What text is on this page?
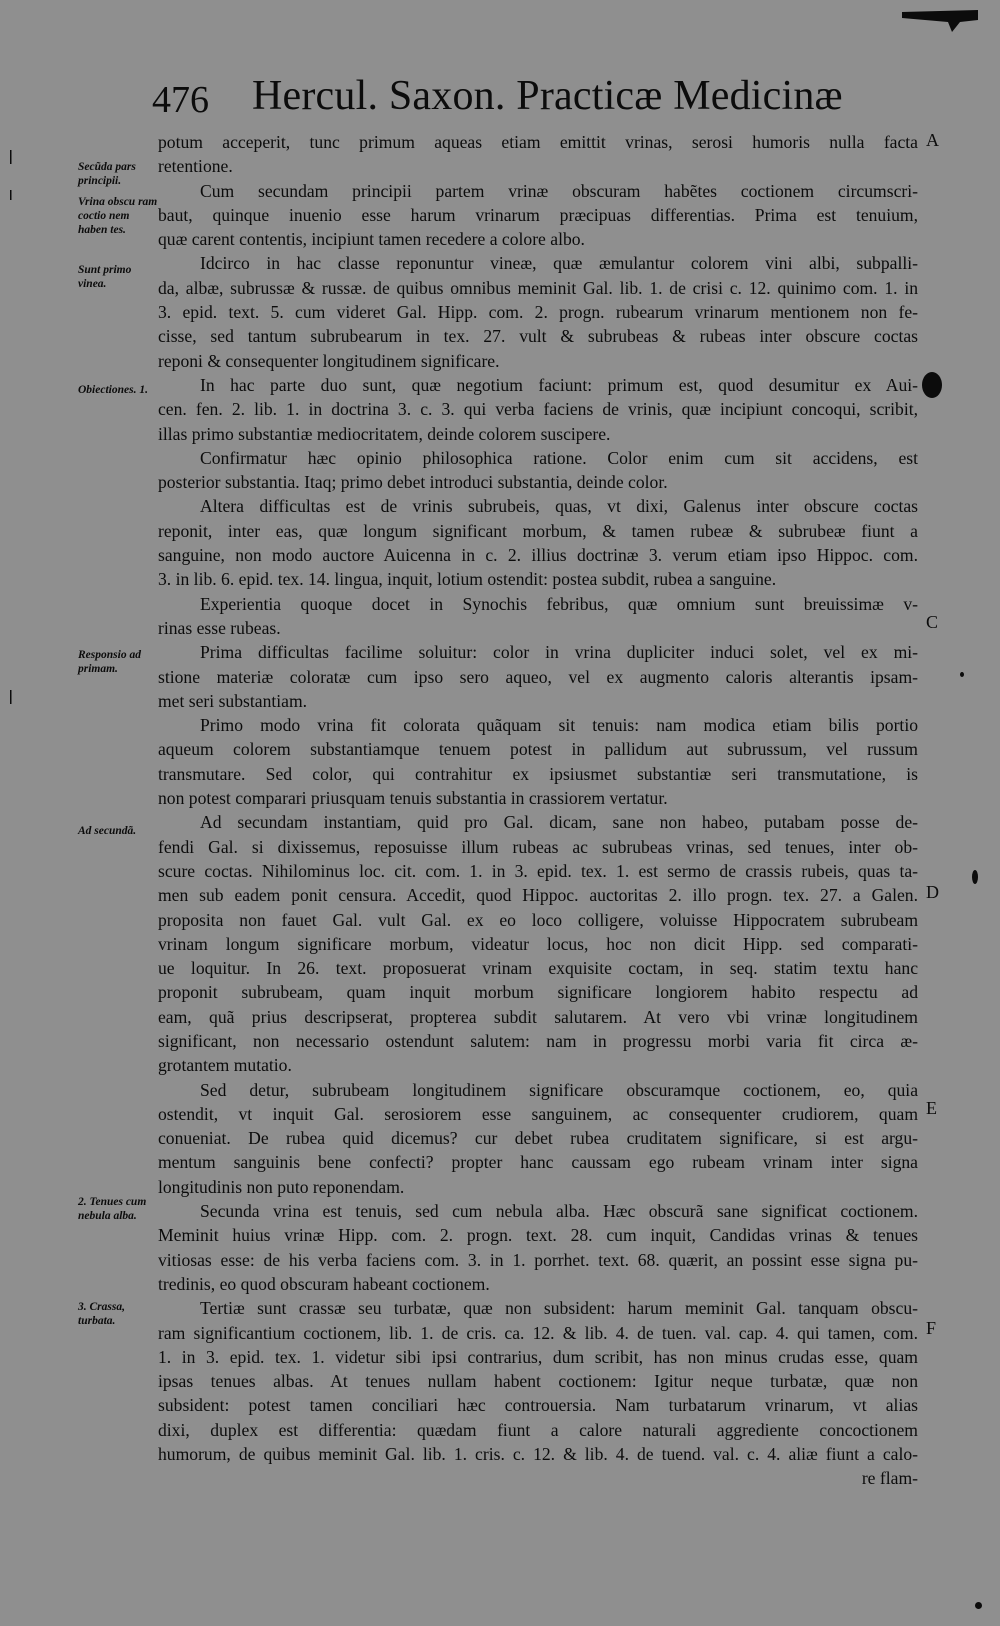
476 Hercul. Saxon. Practicæ Medicinæ
Secũda pars principii.
Vrina obscu ram coctio nem haben tes.
Sunt primo vinea.
Obiectiones. 1.
Responsio ad primam.
Ad secundã.
2. Tenues cum nebula alba.
3. Crassa, turbata.
A
C
D
E
F
potum acceperit, tunc primum aqueas etiam emittit vrinas, serosi humoris nulla facta
retentione.
Cum secundam principii partem vrinæ obscuram habẽtes coctionem circumscri-
baut, quinque inuenio esse harum vrinarum præcipuas differentias. Prima est tenuium,
quæ carent contentis, incipiunt tamen recedere a colore albo.
Idcirco in hac classe reponuntur vineæ, quæ æmulantur colorem vini albi, subpalli-
da, albæ, subrussæ & russæ. de quibus omnibus meminit Gal. lib. 1. de crisi c. 12. quinimo com. 1. in
3. epid. text. 5. cum videret Gal. Hipp. com. 2. progn. rubearum vrinarum mentionem non fe-
cisse, sed tantum subrubearum in tex. 27. vult & subrubeas & rubeas inter obscure coctas
reponi & consequenter longitudinem significare.
In hac parte duo sunt, quæ negotium faciunt: primum est, quod desumitur ex Aui-
cen. fen. 2. lib. 1. in doctrina 3. c. 3. qui verba faciens de vrinis, quæ incipiunt concoqui, scribit,
illas primo substantiæ mediocritatem, deinde colorem suscipere.
Confirmatur hæc opinio philosophica ratione. Color enim cum sit accidens, est
posterior substantia. Itaq; primo debet introduci substantia, deinde color.
Altera difficultas est de vrinis subrubeis, quas, vt dixi, Galenus inter obscure coctas
reponit, inter eas, quæ longum significant morbum, & tamen rubeæ & subrubeæ fiunt a
sanguine, non modo auctore Auicenna in c. 2. illius doctrinæ 3. verum etiam ipso Hippoc. com.
3. in lib. 6. epid. tex. 14. lingua, inquit, lotium ostendit: postea subdit, rubea a sanguine.
Experientia quoque docet in Synochis febribus, quæ omnium sunt breuissimæ v-
rinas esse rubeas.
Prima difficultas facilime soluitur: color in vrina dupliciter induci solet, vel ex mi-
stione materiæ coloratæ cum ipso sero aqueo, vel ex augmento caloris alterantis ipsam-
met seri substantiam.
Primo modo vrina fit colorata quãquam sit tenuis: nam modica etiam bilis portio
aqueum colorem substantiamque tenuem potest in pallidum aut subrussum, vel russum
transmutare. Sed color, qui contrahitur ex ipsiusmet substantiæ seri transmutatione, is
non potest comparari priusquam tenuis substantia in crassiorem vertatur.
Ad secundam instantiam, quid pro Gal. dicam, sane non habeo, putabam posse de-
fendi Gal. si dixissemus, reposuisse illum rubeas ac subrubeas vrinas, sed tenues, inter ob-
scure coctas. Nihilominus loc. cit. com. 1. in 3. epid. tex. 1. est sermo de crassis rubeis, quas ta-
men sub eadem ponit censura. Accedit, quod Hippoc. auctoritas 2. illo progn. tex. 27. a Galen.
proposita non fauet Gal. vult Gal. ex eo loco colligere, voluisse Hippocratem subrubeam
vrinam longum significare morbum, videatur locus, hoc non dicit Hipp. sed comparati-
ue loquitur. In 26. text. proposuerat vrinam exquisite coctam, in seq. statim textu hanc
proponit subrubeam, quam inquit morbum significare longiorem habito respectu ad
eam, quã prius descripserat, propterea subdit salutarem. At vero vbi vrinæ longitudinem
significant, non necessario ostendunt salutem: nam in progressu morbi varia fit circa æ-
grotantem mutatio.
Sed detur, subrubeam longitudinem significare obscuramque coctionem, eo, quia
ostendit, vt inquit Gal. serosiorem esse sanguinem, ac consequenter crudiorem, quam
conueniat. De rubea quid dicemus? cur debet rubea cruditatem significare, si est argu-
mentum sanguinis bene confecti? propter hanc caussam ego rubeam vrinam inter signa
longitudinis non puto reponendam.
Secunda vrina est tenuis, sed cum nebula alba. Hæc obscurã sane significat coctionem.
Meminit huius vrinæ Hipp. com. 2. progn. text. 28. cum inquit, Candidas vrinas & tenues
vitiosas esse: de his verba faciens com. 3. in 1. porrhet. text. 68. quærit, an possint esse signa pu-
tredinis, eo quod obscuram habeant coctionem.
Tertiæ sunt crassæ seu turbatæ, quæ non subsident: harum meminit Gal. tanquam obscu-
ram significantium coctionem, lib. 1. de cris. ca. 12. & lib. 4. de tuen. val. cap. 4. qui tamen, com.
1. in 3. epid. tex. 1. videtur sibi ipsi contrarius, dum scribit, has non minus crudas esse, quam
ipsas tenues albas. At tenues nullam habent coctionem: Igitur neque turbatæ, quæ non
subsident: potest tamen conciliari hæc controuersia. Nam turbatarum vrinarum, vt alias
dixi, duplex est differentia: quædam fiunt a calore naturali aggrediente concoctionem
humorum, de quibus meminit Gal. lib. 1. cris. c. 12. & lib. 4. de tuend. val. c. 4. aliæ fiunt a calo-
re flam-
